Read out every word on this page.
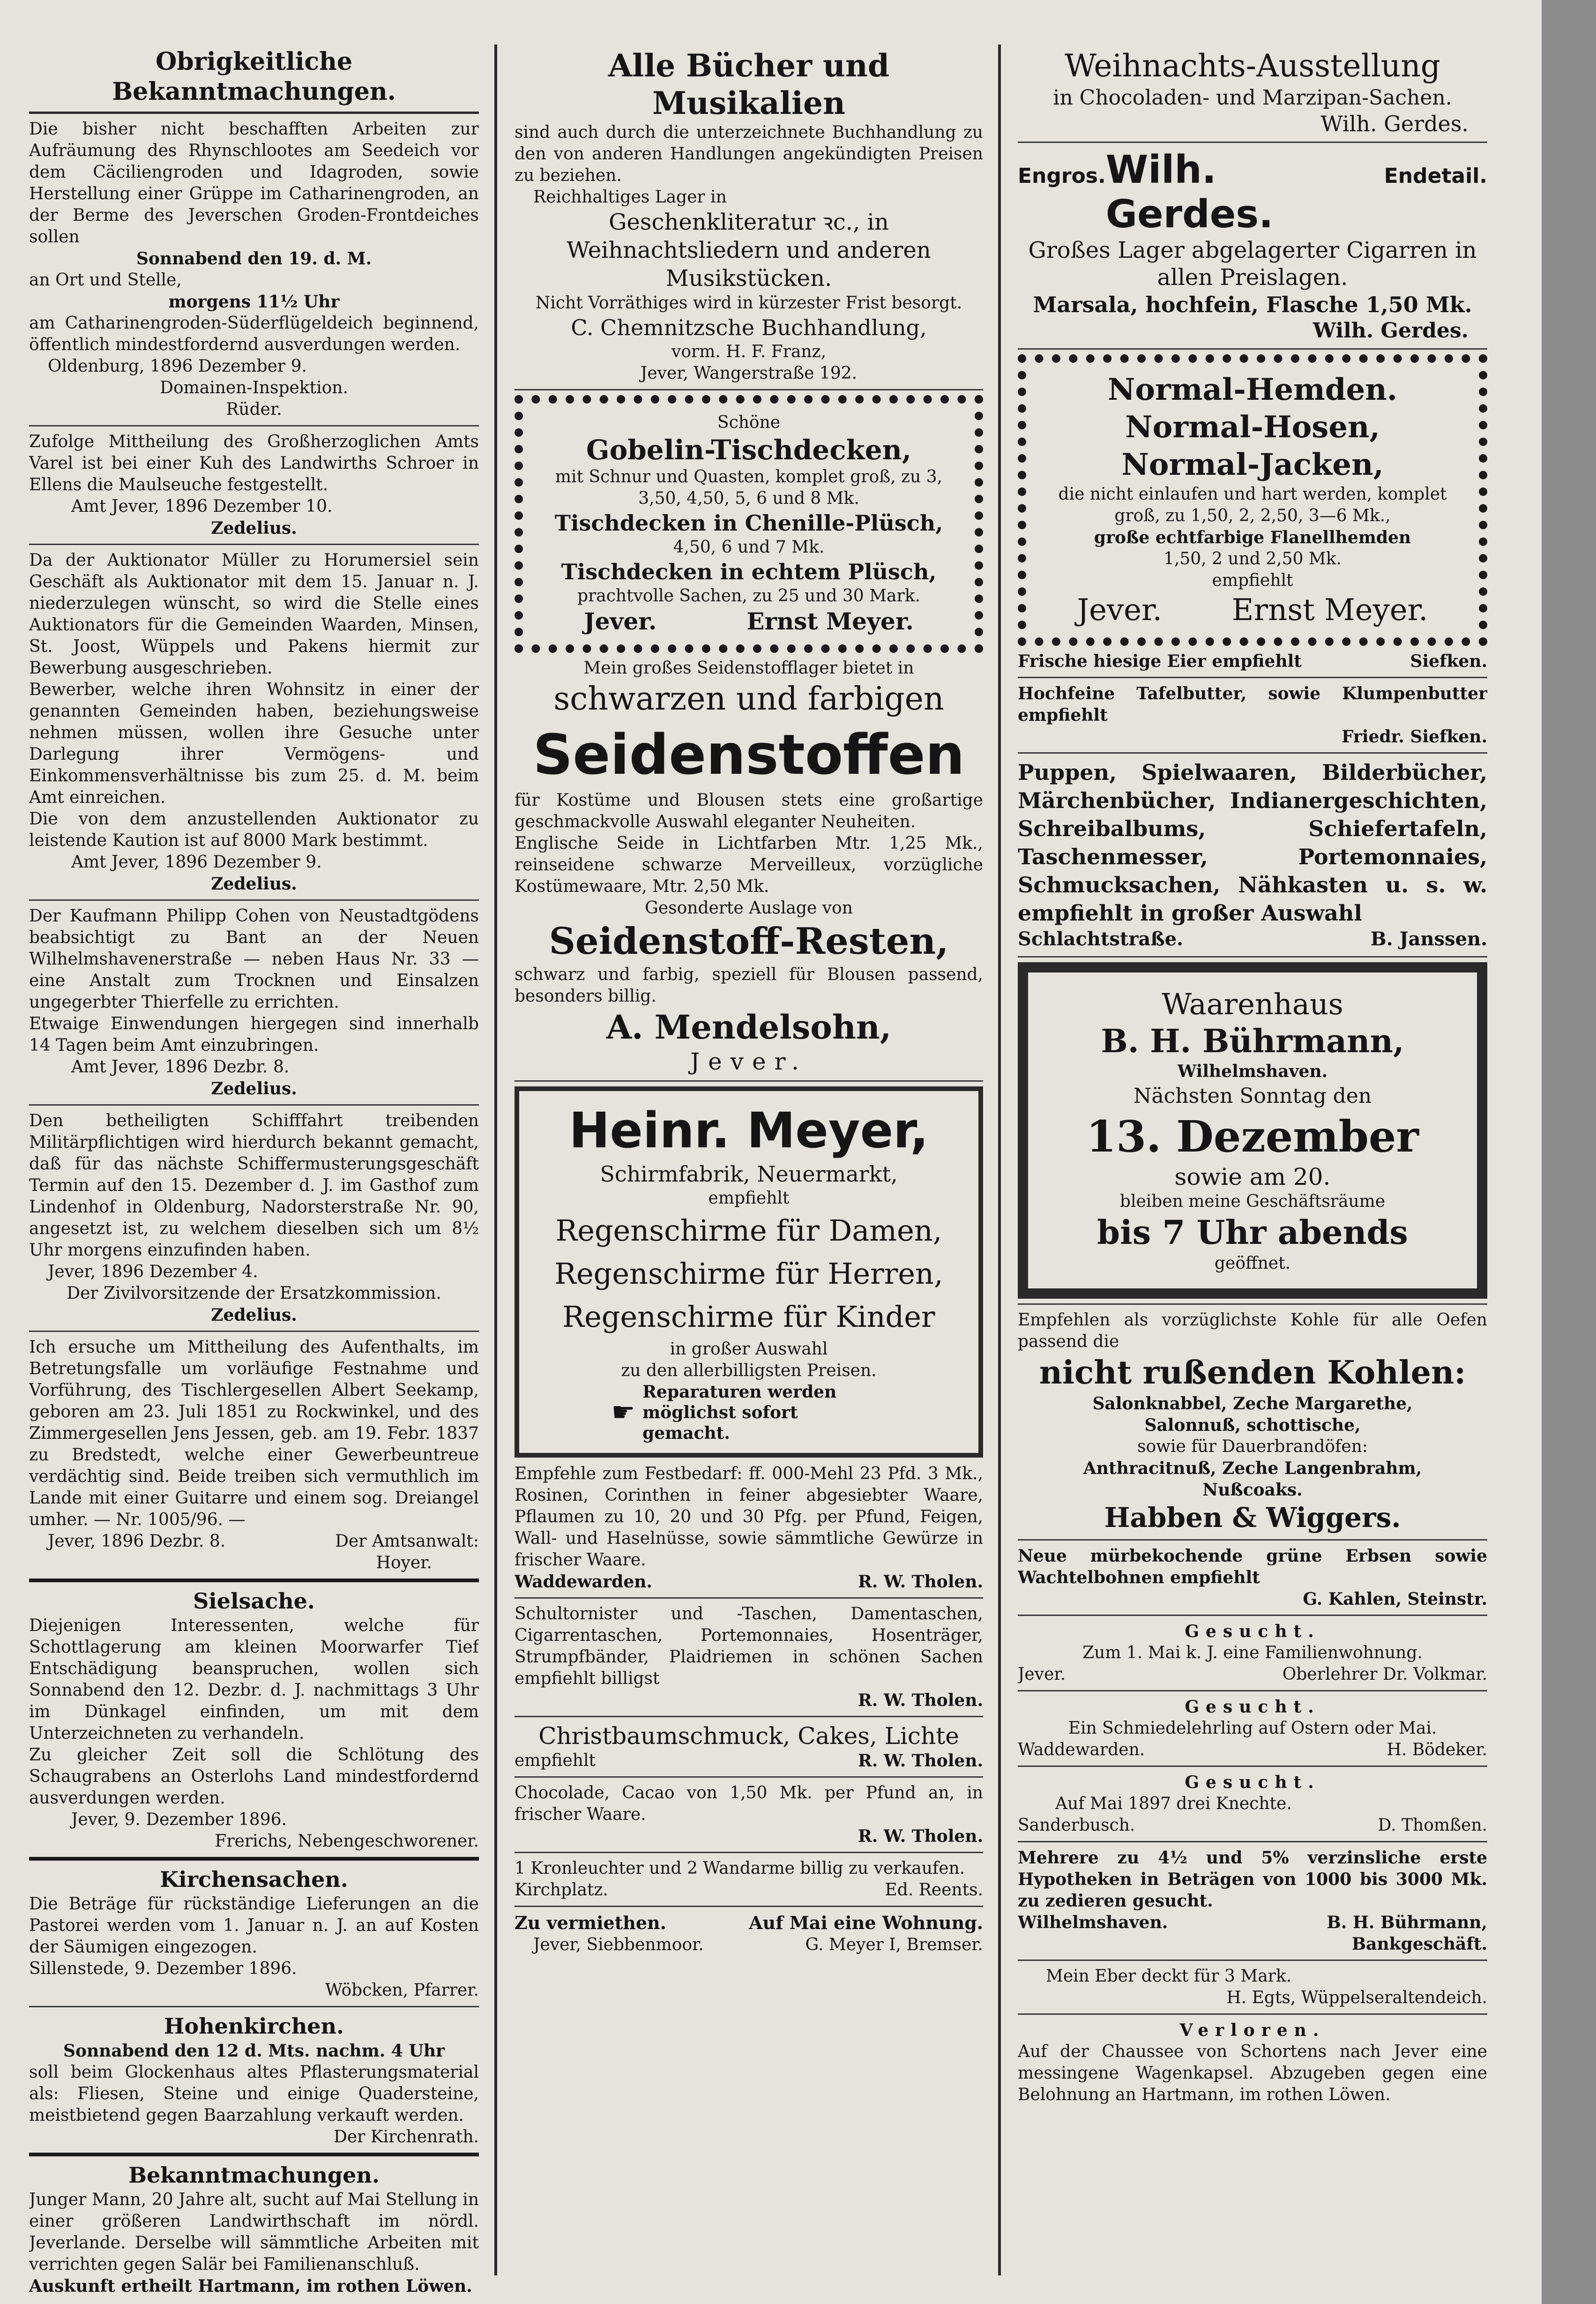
Obrigkeitliche Bekanntmachungen.

Die bisher nicht beschafften Arbeiten zur Aufräumung des Rhynschlootes am Seedeich vor dem Cäciliengroden und Idagroden, sowie Herstellung einer Grüppe im Catharinengroden, an der Berme des Jeverschen Groden-Frontdeiches sollen

Sonnabend den 19. d. M.

an Ort und Stelle,

morgens 11½ Uhr

am Catharinengroden-Süderflügeldeich beginnend, öffentlich mindestfordernd ausverdungen werden.

Oldenburg, 1896 Dezember 9.

Domainen-Inspektion.

Rüder.

Zufolge Mittheilung des Großherzoglichen Amts Varel ist bei einer Kuh des Landwirths Schroer in Ellens die Maulseuche festgestellt.

Amt Jever, 1896 Dezember 10.

Zedelius.

Da der Auktionator Müller zu Horumersiel sein Geschäft als Auktionator mit dem 15. Januar n. J. niederzulegen wünscht, so wird die Stelle eines Auktionators für die Gemeinden Waarden, Minsen, St. Joost, Wüppels und Pakens hiermit zur Bewerbung ausgeschrieben.

Bewerber, welche ihren Wohnsitz in einer der genannten Gemeinden haben, beziehungsweise nehmen müssen, wollen ihre Gesuche unter Darlegung ihrer Vermögens- und Einkommensverhältnisse bis zum 25. d. M. beim Amt einreichen.

Die von dem anzustellenden Auktionator zu leistende Kaution ist auf 8000 Mark bestimmt.

Amt Jever, 1896 Dezember 9.

Zedelius.

Der Kaufmann Philipp Cohen von Neustadtgödens beabsichtigt zu Bant an der Neuen Wilhelmshavenerstraße — neben Haus Nr. 33 — eine Anstalt zum Trocknen und Einsalzen ungegerbter Thierfelle zu errichten.

Etwaige Einwendungen hiergegen sind innerhalb 14 Tagen beim Amt einzubringen.

Amt Jever, 1896 Dezbr. 8.

Zedelius.

Den betheiligten Schifffahrt treibenden Militärpflichtigen wird hierdurch bekannt gemacht, daß für das nächste Schiffermusterungsgeschäft Termin auf den 15. Dezember d. J. im Gasthof zum Lindenhof in Oldenburg, Nadorsterstraße Nr. 90, angesetzt ist, zu welchem dieselben sich um 8½ Uhr morgens einzufinden haben.

Jever, 1896 Dezember 4.

Der Zivilvorsitzende der Ersatzkommission.

Zedelius.

Ich ersuche um Mittheilung des Aufenthalts, im Betretungsfalle um vorläufige Festnahme und Vorführung, des Tischlergesellen Albert Seekamp, geboren am 23. Juli 1851 zu Rockwinkel, und des Zimmergesellen Jens Jessen, geb. am 19. Febr. 1837 zu Bredstedt, welche einer Gewerbeuntreue verdächtig sind. Beide treiben sich vermuthlich im Lande mit einer Guitarre und einem sog. Dreiangel umher. — Nr. 1005/96. —

Jever, 1896 Dezbr. 8.	Der Amtsanwalt:

Hoyer.

Sielsache.

Diejenigen Interessenten, welche für Schottlagerung am kleinen Moorwarfer Tief Entschädigung beanspruchen, wollen sich Sonnabend den 12. Dezbr. d. J. nachmittags 3 Uhr im Dünkagel einfinden, um mit dem Unterzeichneten zu verhandeln.

Zu gleicher Zeit soll die Schlötung des Schaugrabens an Osterlohs Land mindestfordernd ausverdungen werden.

Jever, 9. Dezember 1896.

Frerichs, Nebengeschworener.

Kirchensachen.

Die Beträge für rückständige Lieferungen an die Pastorei werden vom 1. Januar n. J. an auf Kosten der Säumigen eingezogen.

Sillenstede, 9. Dezember 1896.

Wöbcken, Pfarrer.

Hohenkirchen.

Sonnabend den 12 d. Mts. nachm. 4 Uhr

soll beim Glockenhaus altes Pflasterungsmaterial als: Fliesen, Steine und einige Quadersteine, meistbietend gegen Baarzahlung verkauft werden.

Der Kirchenrath.

Bekanntmachungen.

Junger Mann, 20 Jahre alt, sucht auf Mai Stellung in einer größeren Landwirthschaft im nördl. Jeverlande. Derselbe will sämmtliche Arbeiten mit verrichten gegen Salär bei Familienanschluß.

Auskunft ertheilt Hartmann, im rothen Löwen.

Alle Bücher und
Musikalien

sind auch durch die unterzeichnete Buchhandlung zu den von anderen Handlungen angekündigten Preisen zu beziehen.

Reichhaltiges Lager in

Geschenkliteratur ꝛc., in Weihnachtsliedern und anderen Musikstücken.

Nicht Vorräthiges wird in kürzester Frist besorgt.

C. Chemnitzsche Buchhandlung,

vorm. H. F. Franz,

Jever, Wangerstraße 192.

Schöne

Gobelin-Tischdecken,

mit Schnur und Quasten, komplet groß, zu 3, 3,50, 4,50, 5, 6 und 8 Mk.

Tischdecken in Chenille-Plüsch,

4,50, 6 und 7 Mk.

Tischdecken in echtem Plüsch,

prachtvolle Sachen, zu 25 und 30 Mark.

Jever.	Ernst Meyer.

Mein großes Seidenstofflager bietet in

schwarzen und farbigen

Seidenstoffen

für Kostüme und Blousen stets eine großartige geschmackvolle Auswahl eleganter Neuheiten.

Englische Seide in Lichtfarben Mtr. 1,25 Mk., reinseidene schwarze Merveilleux, vorzügliche Kostümewaare, Mtr. 2,50 Mk.

Gesonderte Auslage von

Seidenstoff-Resten,

schwarz und farbig, speziell für Blousen passend, besonders billig.

A. Mendelsohn,

Jever.

Heinr. Meyer,

Schirmfabrik, Neuermarkt,

empfiehlt

Regenschirme für Damen,

Regenschirme für Herren,

Regenschirme für Kinder

in großer Auswahl

zu den allerbilligsten Preisen.

☛
Reparaturen werden möglichst sofort gemacht.

Empfehle zum Festbedarf: ff. 000-Mehl 23 Pfd. 3 Mk., Rosinen, Corinthen in feiner abgesiebter Waare, Pflaumen zu 10, 20 und 30 Pfg. per Pfund, Feigen, Wall- und Haselnüsse, sowie sämmtliche Gewürze in frischer Waare.

Waddewarden.	R. W. Tholen.

Schultornister und -Taschen, Damentaschen, Cigarrentaschen, Portemonnaies, Hosenträger, Strumpfbänder, Plaidriemen in schönen Sachen empfiehlt billigst

R. W. Tholen.

Christbaumschmuck, Cakes, Lichte

empfiehlt	R. W. Tholen.

Chocolade, Cacao von 1,50 Mk. per Pfund an, in frischer Waare.

R. W. Tholen.

1 Kronleuchter und 2 Wandarme billig zu verkaufen.

Kirchplatz.	Ed. Reents.
Zu vermiethen.	Auf Mai eine Wohnung.
Jever, Siebbenmoor.	G. Meyer I, Bremser.

Weihnachts-Ausstellung

in Chocoladen- und Marzipan-Sachen.

Wilh. Gerdes.

Engros. Wilh. Gerdes.
Endetail.

Großes Lager abgelagerter Cigarren in allen Preislagen.

Marsala, hochfein, Flasche 1,50 Mk.

Wilh. Gerdes.

Normal-Hemden.

Normal-Hosen,

Normal-Jacken,

die nicht einlaufen und hart werden, komplet groß, zu 1,50, 2, 2,50, 3—6 Mk.,

große echtfarbige Flanellhemden

1,50, 2 und 2,50 Mk.

empfiehlt

Jever. Ernst Meyer.
Frische hiesige Eier empfiehlt	Siefken.

Hochfeine Tafelbutter, sowie Klumpenbutter empfiehlt

Friedr. Siefken.

Puppen, Spielwaaren, Bilderbücher, Märchenbücher, Indianergeschichten, Schreibalbums, Schiefertafeln, Taschenmesser, Portemonnaies, Schmucksachen, Nähkasten u. s. w. empfiehlt in großer Auswahl

Schlachtstraße.	B. Janssen.

Waarenhaus

B. H. Bührmann,

Wilhelmshaven.

Nächsten Sonntag den

13. Dezember

sowie am 20.

bleiben meine Geschäftsräume

bis 7 Uhr abends

geöffnet.

Empfehlen als vorzüglichste Kohle für alle Oefen passend die

nicht rußenden Kohlen:

Salonknabbel, Zeche Margarethe,

Salonnuß, schottische,

sowie für Dauerbrandöfen:

Anthracitnuß, Zeche Langenbrahm,

Nußcoaks.

Habben & Wiggers.

Neue mürbekochende grüne Erbsen sowie Wachtelbohnen empfiehlt

G. Kahlen, Steinstr.

Gesucht.

Zum 1. Mai k. J. eine Familienwohnung.

Jever.	Oberlehrer Dr. Volkmar.

Gesucht.

Ein Schmiedelehrling auf Ostern oder Mai.

Waddewarden.	H. Bödeker.

Gesucht.

Auf Mai 1897 drei Knechte.

Sanderbusch.	D. Thomßen.

Mehrere zu 4½ und 5% verzinsliche erste Hypotheken in Beträgen von 1000 bis 3000 Mk. zu zedieren gesucht.

Wilhelmshaven.	B. H. Bührmann, Bankgeschäft.

Mein Eber deckt für 3 Mark.

H. Egts, Wüppelseraltendeich.

Verloren.

Auf der Chaussee von Schortens nach Jever eine messingene Wagenkapsel. Abzugeben gegen eine Belohnung an Hartmann, im rothen Löwen.
